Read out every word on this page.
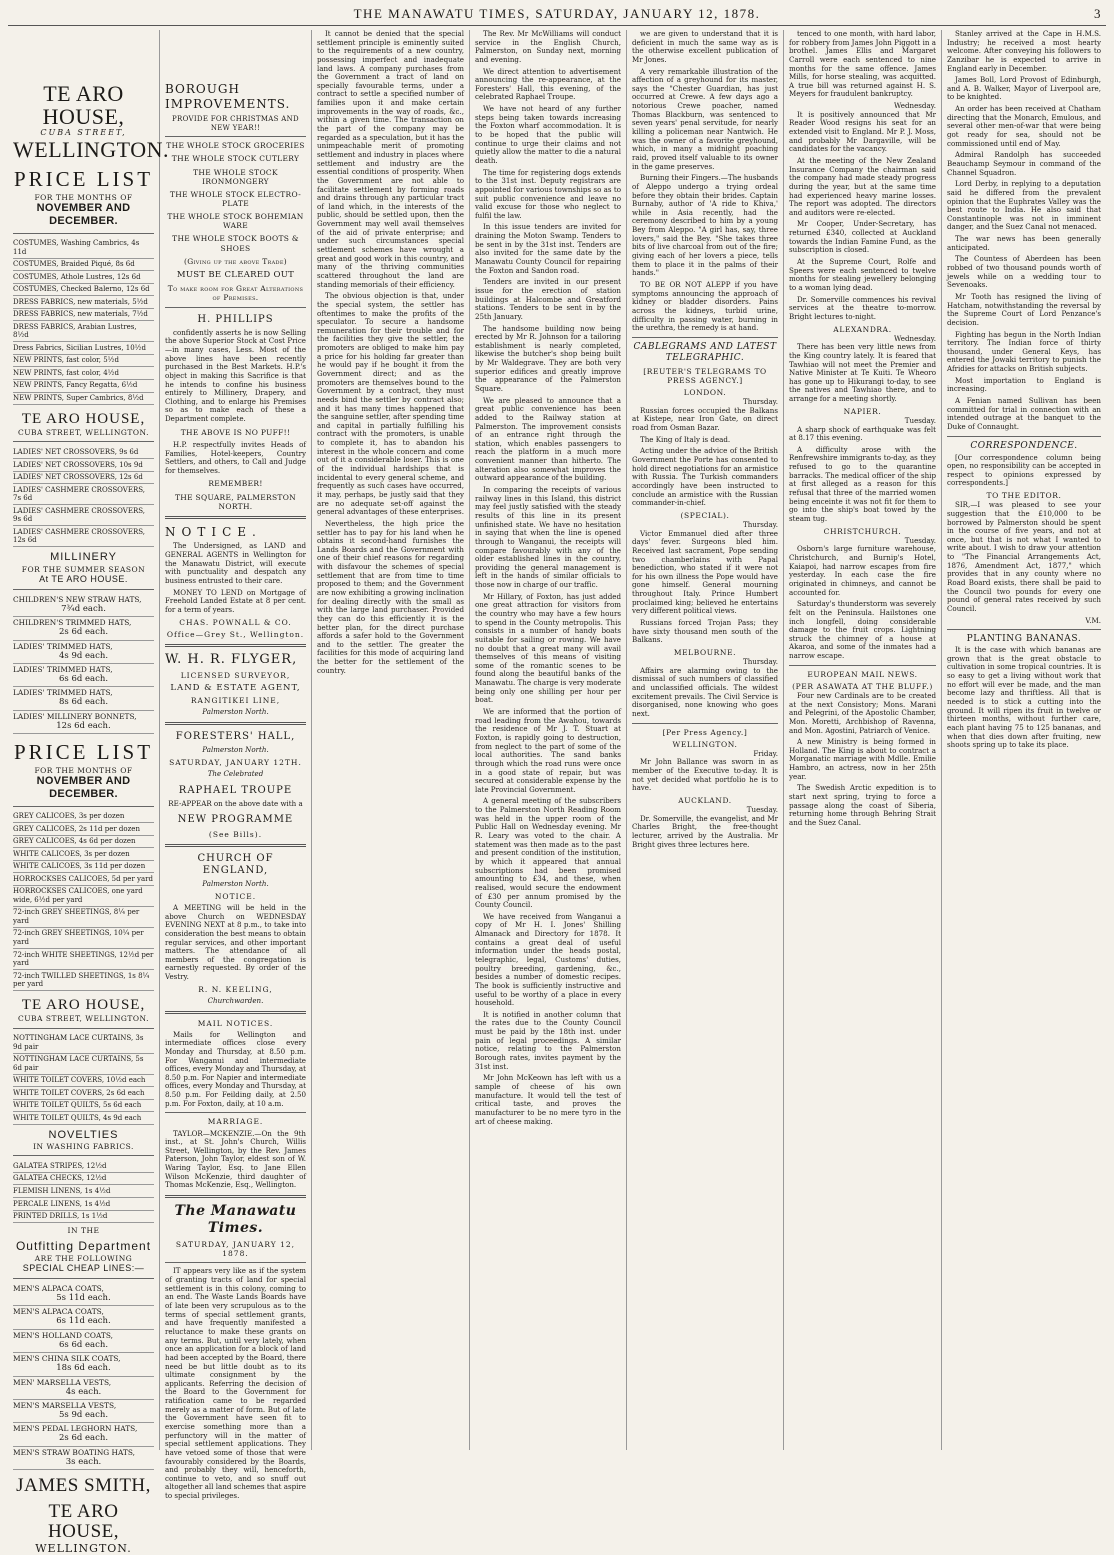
THE MANAWATU TIMES, SATURDAY, JANUARY 12, 1878.	3
TE ARO HOUSE,
CUBA STREET,
WELLINGTON.
PRICE LIST
FOR THE MONTHS OF
NOVEMBER AND DECEMBER.
COSTUMES, Washing Cambrics, 4s 11d
COSTUMES, Braided Piqué, 8s 6d
COSTUMES, Athole Lustres, 12s 6d
COSTUMES, Checked Balerno, 12s 6d
DRESS FABRICS, new materials, 5½d
DRESS FABRICS, new materials, 7½d
DRESS FABRICS, Arabian Lustres, 8½d
Dress Fabrics, Sicilian Lustres, 10½d
NEW PRINTS, fast color, 5½d
NEW PRINTS, fast color, 4½d
NEW PRINTS, Fancy Regatta, 6½d
NEW PRINTS, Super Cambrics, 8½d
TE ARO HOUSE,
CUBA STREET, WELLINGTON.
LADIES' NET CROSSOVERS, 9s 6d
LADIES' NET CROSSOVERS, 10s 9d
LADIES' NET CROSSOVERS, 12s 6d
LADIES' CASHMERE CROSSOVERS, 7s 6d
LADIES' CASHMERE CROSSOVERS, 9s 6d
LADIES' CASHMERE CROSSOVERS, 12s 6d
MILLINERY
FOR THE SUMMER SEASON
At TE ARO HOUSE.
CHILDREN'S NEW STRAW HATS,
7¾d each.
CHILDREN'S TRIMMED HATS,
2s 6d each.
LADIES' TRIMMED HATS,
4s 9d each.
LADIES' TRIMMED HATS,
6s 6d each.
LADIES' TRIMMED HATS,
8s 6d each.
LADIES' MILLINERY BONNETS,
12s 6d each.
PRICE LIST
FOR THE MONTHS OF
NOVEMBER AND DECEMBER.
GREY CALICOES, 3s per dozen
GREY CALICOES, 2s 11d per dozen
GREY CALICOES, 4s 6d per dozen
WHITE CALICOES, 3s per dozen
WHITE CALICOES, 3s 11d per dozen
HORROCKSES CALICOES, 5d per yard
HORROCKSES CALICOES, one yard wide, 6½d per yard
72-inch GREY SHEETINGS, 8¼ per yard
72-inch GREY SHEETINGS, 10¼ per yard
72-inch WHITE SHEETINGS, 12½d per yard
72-inch TWILLED SHEETINGS, 1s 8¼ per yard
TE ARO HOUSE,
CUBA STREET, WELLINGTON.
NOTTINGHAM LACE CURTAINS, 3s 9d pair
NOTTINGHAM LACE CURTAINS, 5s 6d pair
WHITE TOILET COVERS, 10½d each
WHITE TOILET COVERS, 2s 6d each
WHITE TOILET QUILTS, 5s 6d each
WHITE TOILET QUILTS, 4s 9d each
NOVELTIES
IN WASHING FABRICS.
GALATEA STRIPES, 12½d
GALATEA CHECKS, 12½d
FLEMISH LINENS, 1s 4½d
PERCALE LINENS, 1s 4½d
PRINTED DRILLS, 1s 1½d
IN THE
Outfitting Department
ARE THE FOLLOWING
SPECIAL CHEAP LINES:—
MEN'S ALPACA COATS,
5s 11d each.
MEN'S ALPACA COATS,
6s 11d each.
MEN'S HOLLAND COATS,
6s 6d each.
MEN'S CHINA SILK COATS,
18s 6d each.
MEN' MARSELLA VESTS,
4s each.
MEN'S MARSELLA VESTS,
5s 9d each.
MEN'S PEDAL LEGHORN HATS,
2s 6d each.
MEN'S STRAW BOATING HATS,
3s each.
JAMES SMITH,
TE ARO HOUSE,
WELLINGTON.
BOROUGH IMPROVEMENTS.
PROVIDE FOR CHRISTMAS AND NEW YEAR!!
THE WHOLE STOCK GROCERIES
THE WHOLE STOCK CUTLERY
THE WHOLE STOCK IRONMONGERY
THE WHOLE STOCK ELECTRO-PLATE
THE WHOLE STOCK BOHEMIAN WARE
THE WHOLE STOCK BOOTS & SHOES
(Giving up the above Trade)
MUST BE CLEARED OUT
To make room for Great Alterations of Premises.
H. PHILLIPS

confidently asserts he is now Selling the above Superior Stock at Cost Price—in many cases, Less. Most of the above lines have been recently purchased in the Best Markets. H.P.'s object in making this Sacrifice is that he intends to confine his business entirely to Millinery, Drapery, and Clothing, and to enlarge his Premises so as to make each of these a Department complete.

THE ABOVE IS NO PUFF!!

H.P. respectfully invites Heads of Families, Hotel-keepers, Country Settlers, and others, to Call and Judge for themselves.

REMEMBER!
THE SQUARE, PALMERSTON NORTH.
NOTICE.

The Undersigned, as LAND and GENERAL AGENTS in Wellington for the Manawatu District, will execute with punctuality and despatch any business entrusted to their care.

MONEY TO LEND on Mortgage of Freehold Landed Estate at 8 per cent. for a term of years.

CHAS. POWNALL & CO.
Office—Grey St., Wellington.
W. H. R. FLYGER,
LICENSED SURVEYOR,
LAND & ESTATE AGENT,
RANGITIKEI LINE,
Palmerston North.
FORESTERS' HALL,
Palmerston North.
SATURDAY, JANUARY 12TH.
The Celebrated
RAPHAEL TROUPE

RE-APPEAR on the above date with a

NEW PROGRAMME
(See Bills).
CHURCH OF ENGLAND,
Palmerston North.
NOTICE.

A MEETING will be held in the above Church on WEDNESDAY EVENING NEXT at 8 p.m., to take into consideration the best means to obtain regular services, and other important matters. The attendance of all members of the congregation is earnestly requested. By order of the Vestry.

R. N. KEELING,
Churchwarden.
MAIL NOTICES.

Mails for Wellington and intermediate offices close every Monday and Thursday, at 8.50 p.m. For Wanganui and intermediate offices, every Monday and Thursday, at 8.50 p.m. For Napier and intermediate offices, every Monday and Thursday, at 8.50 p.m. For Feilding daily, at 2.50 p.m. For Foxton, daily, at 10 a.m.

MARRIAGE.

TAYLOR—MCKENZIE.—On the 9th inst., at St. John's Church, Willis Street, Wellington, by the Rev. James Paterson, John Taylor, eldest son of W. Waring Taylor, Esq. to Jane Ellen Wilson McKenzie, third daughter of Thomas McKenzie, Esq., Wellington.

The Manawatu Times.
SATURDAY, JANUARY 12, 1878.

IT appears very like as if the system of granting tracts of land for special settlement is in this colony, coming to an end. The Waste Lands Boards have of late been very scrupulous as to the terms of special settlement grants, and have frequently manifested a reluctance to make these grants on any terms. But, until very lately, when once an application for a block of land had been accepted by the Board, there need be but little doubt as to its ultimate consignment by the applicants. Referring the decision of the Board to the Government for ratification came to be regarded merely as a matter of form. But of late the Government have seen fit to exercise something more than a perfunctory will in the matter of special settlement applications. They have vetoed some of those that were favourably considered by the Boards, and probably they will, henceforth, continue to veto, and so snuff out altogether all land schemes that aspire to special privileges.

It cannot be denied that the special settlement principle is eminently suited to the requirements of a new country, possessing imperfect and inadequate land laws. A company purchases from the Government a tract of land on specially favourable terms, under a contract to settle a specified number of families upon it and make certain improvements in the way of roads, &c., within a given time. The transaction on the part of the company may be regarded as a speculation, but it has the unimpeachable merit of promoting settlement and industry in places where settlement and industry are the essential conditions of prosperity. When the Government are not able to facilitate settlement by forming roads and drains through any particular tract of land which, in the interests of the public, should be settled upon, then the Government may well avail themselves of the aid of private enterprise; and under such circumstances special settlement schemes have wrought a great and good work in this country, and many of the thriving communities scattered throughout the land are standing memorials of their efficiency.

The obvious objection is that, under the special system, the settler has oftentimes to make the profits of the speculator. To secure a handsome remuneration for their trouble and for the facilities they give the settler, the promoters are obliged to make him pay a price for his holding far greater than he would pay if he bought it from the Government direct; and as the promoters are themselves bound to the Government by a contract, they must needs bind the settler by contract also; and it has many times happened that the sanguine settler, after spending time and capital in partially fulfilling his contract with the promoters, is unable to complete it, has to abandon his interest in the whole concern and come out of it a considerable loser. This is one of the individual hardships that is incidental to every general scheme, and frequently as such cases have occurred, it may, perhaps, be justly said that they are no adequate set-off against the general advantages of these enterprises.

Nevertheless, the high price the settler has to pay for his land when he obtains it second-hand furnishes the Lands Boards and the Government with one of their chief reasons for regarding with disfavour the schemes of special settlement that are from time to time proposed to them; and the Government are now exhibiting a growing inclination for dealing directly with the small as with the large land purchaser. Provided they can do this efficiently it is the better plan, for the direct purchase affords a safer hold to the Government and to the settler. The greater the facilities for this mode of acquiring land the better for the settlement of the country.

The Rev. Mr McWilliams will conduct service in the English Church, Palmerston, on Sunday next, morning and evening.

We direct attention to advertisement announcing the re-appearance, at the Foresters' Hall, this evening, of the celebrated Raphael Troupe.

We have not heard of any further steps being taken towards increasing the Foxton wharf accommodation. It is to be hoped that the public will continue to urge their claims and not quietly allow the matter to die a natural death.

The time for registering dogs extends to the 31st inst. Deputy registrars are appointed for various townships so as to suit public convenience and leave no valid excuse for those who neglect to fulfil the law.

In this issue tenders are invited for draining the Moton Swamp. Tenders to be sent in by the 31st inst. Tenders are also invited for the same date by the Manawatu County Council for repairing the Foxton and Sandon road.

Tenders are invited in our present issue for the erection of station buildings at Halcombe and Greatford stations. Tenders to be sent in by the 25th January.

The handsome building now being erected by Mr R. Johnson for a tailoring establishment is nearly completed, likewise the butcher's shop being built by Mr Waldegrave. They are both very superior edifices and greatly improve the appearance of the Palmerston Square.

We are pleased to announce that a great public convenience has been added to the Railway station at Palmerston. The improvement consists of an entrance right through the station, which enables passengers to reach the platform in a much more convenient manner than hitherto. The alteration also somewhat improves the outward appearance of the building.

In comparing the receipts of various railway lines in this Island, this district may feel justly satisfied with the steady results of this line in its present unfinished state. We have no hesitation in saying that when the line is opened through to Wanganui, the receipts will compare favourably with any of the older established lines in the country, providing the general management is left in the hands of similar officials to those now in charge of our traffic.

Mr Hillary, of Foxton, has just added one great attraction for visitors from the country who may have a few hours to spend in the County metropolis. This consists in a number of handy boats suitable for sailing or rowing. We have no doubt that a great many will avail themselves of this means of visiting some of the romantic scenes to be found along the beautiful banks of the Manawatu. The charge is very moderate being only one shilling per hour per boat.

We are informed that the portion of road leading from the Awahou, towards the residence of Mr J. T. Stuart at Foxton, is rapidly going to destruction, from neglect to the part of some of the local authorities. The sand banks through which the road runs were once in a good state of repair, but was secured at considerable expense by the late Provincial Government.

A general meeting of the subscribers to the Palmerston North Reading Room was held in the upper room of the Public Hall on Wednesday evening. Mr R. Leary was voted to the chair. A statement was then made as to the past and present condition of the institution, by which it appeared that annual subscriptions had been promised amounting to £34, and these, when realised, would secure the endowment of £30 per annum promised by the County Council.

We have received from Wanganui a copy of Mr H. I. Jones' Shilling Almanack and Directory for 1878. It contains a great deal of useful information under the heads postal, telegraphic, legal, Customs' duties, poultry breeding, gardening, &c., besides a number of domestic recipes. The book is sufficiently instructive and useful to be worthy of a place in every household.

It is notified in another column that the rates due to the County Council must be paid by the 18th inst. under pain of legal proceedings. A similar notice, relating to the Palmerston Borough rates, invites payment by the 31st inst.

Mr John McKeown has left with us a sample of cheese of his own manufacture. It would tell the test of critical taste, and proves the manufacturer to be no mere tyro in the art of cheese making.

we are given to understand that it is deficient in much the same way as is the otherwise excellent publication of Mr Jones.

A very remarkable illustration of the affection of a greyhound for its master, says the "Chester Guardian, has just occurred at Crewe. A few days ago a notorious Crewe poacher, named Thomas Blackburn, was sentenced to seven years' penal servitude, for nearly killing a policeman near Nantwich. He was the owner of a favorite greyhound, which, in many a midnight poaching raid, proved itself valuable to its owner in the game preserves.

Burning their Fingers.—The husbands of Aleppo undergo a trying ordeal before they obtain their brides. Captain Burnaby, author of 'A ride to Khiva,' while in Asia recently, had the ceremony described to him by a young Bey from Aleppo. "A girl has, say, three lovers," said the Bey. "She takes three bits of live charcoal from out of the fire; giving each of her lovers a piece, tells them to place it in the palms of their hands."

TO BE OR NOT ALEPP if you have symptoms announcing the approach of kidney or bladder disorders. Pains across the kidneys, turbid urine, difficulty in passing water, burning in the urethra, the remedy is at hand.

CABLEGRAMS AND LATEST TELEGRAPHIC.
[REUTER'S TELEGRAMS TO PRESS AGENCY.]
LONDON.

Thursday.

Russian forces occupied the Balkans at Kistepe, near Iron Gate, on direct road from Osman Bazar.

The King of Italy is dead.

Acting under the advice of the British Government the Porte has consented to hold direct negotiations for an armistice with Russia. The Turkish commanders accordingly have been instructed to conclude an armistice with the Russian commander-in-chief.

(SPECIAL).

Thursday.

Victor Emmanuel died after three days' fever. Surgeons bled him. Received last sacrament, Pope sending two chamberlains with Papal benediction, who stated if it were not for his own illness the Pope would have gone himself. General mourning throughout Italy. Prince Humbert proclaimed king; believed he entertains very different political views.

Russians forced Trojan Pass; they have sixty thousand men south of the Balkans.

MELBOURNE.

Thursday.

Affairs are alarming owing to the dismissal of such numbers of classified and unclassified officials. The wildest excitement prevails. The Civil Service is disorganised, none knowing who goes next.

[Per Press Agency.]
WELLINGTON.

Friday.

Mr John Ballance was sworn in as member of the Executive to-day. It is not yet decided what portfolio he is to have.

AUCKLAND.

Tuesday.

Dr. Somerville, the evangelist, and Mr Charles Bright, the free-thought lecturer, arrived by the Australia. Mr Bright gives three lectures here.

tenced to one month, with hard labor, for robbery from James John Piggott in a brothel. James Ellis and Margaret Carroll were each sentenced to nine months for the same offence. James Mills, for horse stealing, was acquitted. A true bill was returned against H. S. Meyers for fraudulent bankruptcy.

Wednesday.

It is positively announced that Mr Reader Wood resigns his seat for an extended visit to England. Mr P. J. Moss, and probably Mr Dargaville, will be candidates for the vacancy.

At the meeting of the New Zealand Insurance Company the chairman said the company had made steady progress during the year, but at the same time had experienced heavy marine losses. The report was adopted. The directors and auditors were re-elected.

Mr Cooper, Under-Secretary, has returned £340, collected at Auckland towards the Indian Famine Fund, as the subscription is closed.

At the Supreme Court, Rolfe and Speers were each sentenced to twelve months for stealing jewellery belonging to a woman lying dead.

Dr. Somerville commences his revival services at the theatre to-morrow. Bright lectures to-night.

ALEXANDRA.

Wednesday.

There has been very little news from the King country lately. It is feared that Tawhiao will not meet the Premier and Native Minister at Te Kuiti. Te Wheoro has gone up to Hikurangi to-day, to see the natives and Tawhiao there, and to arrange for a meeting shortly.

NAPIER.

Tuesday.

A sharp shock of earthquake was felt at 8.17 this evening.

A difficulty arose with the Renfrewshire immigrants to-day, as they refused to go to the quarantine barracks. The medical officer of the ship at first alleged as a reason for this refusal that three of the married women being enceinte it was not fit for them to go into the ship's boat towed by the steam tug.

CHRISTCHURCH.

Tuesday.

Osborn's large furniture warehouse, Christchurch, and Burnip's Hotel, Kaiapoi, had narrow escapes from fire yesterday. In each case the fire originated in chimneys, and cannot be accounted for.

Saturday's thunderstorm was severely felt on the Peninsula. Hailstones one inch longfell, doing considerable damage to the fruit crops. Lightning struck the chimney of a house at Akaroa, and some of the inmates had a narrow escape.

EUROPEAN MAIL NEWS.
(PER ASAWATA AT THE BLUFF.)

Four new Cardinals are to be created at the next Consistory; Mons. Marani and Pelegrini, of the Apostolic Chamber, Mon. Moretti, Archbishop of Ravenna, and Mon. Agostini, Patriarch of Venice.

A new Ministry is being formed in Holland. The King is about to contract a Morganatic marriage with Mdlle. Emilie Hambro, an actress, now in her 25th year.

The Swedish Arctic expedition is to start next spring, trying to force a passage along the coast of Siberia, returning home through Behring Strait and the Suez Canal.

Stanley arrived at the Cape in H.M.S. Industry; he received a most hearty welcome. After conveying his followers to Zanzibar he is expected to arrive in England early in December.

James Boll, Lord Provost of Edinburgh, and A. B. Walker, Mayor of Liverpool are, to be knighted.

An order has been received at Chatham directing that the Monarch, Emulous, and several other men-of-war that were being got ready for sea, should not be commissioned until end of May.

Admiral Randolph has succeeded Beauchamp Seymour in command of the Channel Squadron.

Lord Derby, in replying to a deputation said he differed from the prevalent opinion that the Euphrates Valley was the best route to India. He also said that Constantinople was not in imminent danger, and the Suez Canal not menaced.

The war news has been generally anticipated.

The Countess of Aberdeen has been robbed of two thousand pounds worth of jewels while on a wedding tour to Sevenoaks.

Mr Tooth has resigned the living of Hatcham, notwithstanding the reversal by the Supreme Court of Lord Penzance's decision.

Fighting has begun in the North Indian territory. The Indian force of thirty thousand, under General Keys, has entered the Jowaki territory to punish the Afridies for attacks on British subjects.

Most importation to England is increasing.

A Fenian named Sullivan has been committed for trial in connection with an intended outrage at the banquet to the Duke of Connaught.

CORRESPONDENCE.

[Our correspondence column being open, no responsibility can be accepted in respect to opinions expressed by correspondents.]

TO THE EDITOR.

SIR,—I was pleased to see your suggestion that the £10,000 to be borrowed by Palmerston should be spent in the course of five years, and not at once, but that is not what I wanted to write about. I wish to draw your attention to "The Financial Arrangements Act, 1876, Amendment Act, 1877," which provides that in any county where no Road Board exists, there shall be paid to the Council two pounds for every one pound of general rates received by such Council.

V.M.

PLANTING BANANAS.

It is the case with which bananas are grown that is the great obstacle to cultivation in some tropical countries. It is so easy to get a living without work that no effort will ever be made, and the man become lazy and thriftless. All that is needed is to stick a cutting into the ground. It will ripen its fruit in twelve or thirteen months, without further care, each plant having 75 to 125 bananas, and when that dies down after fruiting, new shoots spring up to take its place.
